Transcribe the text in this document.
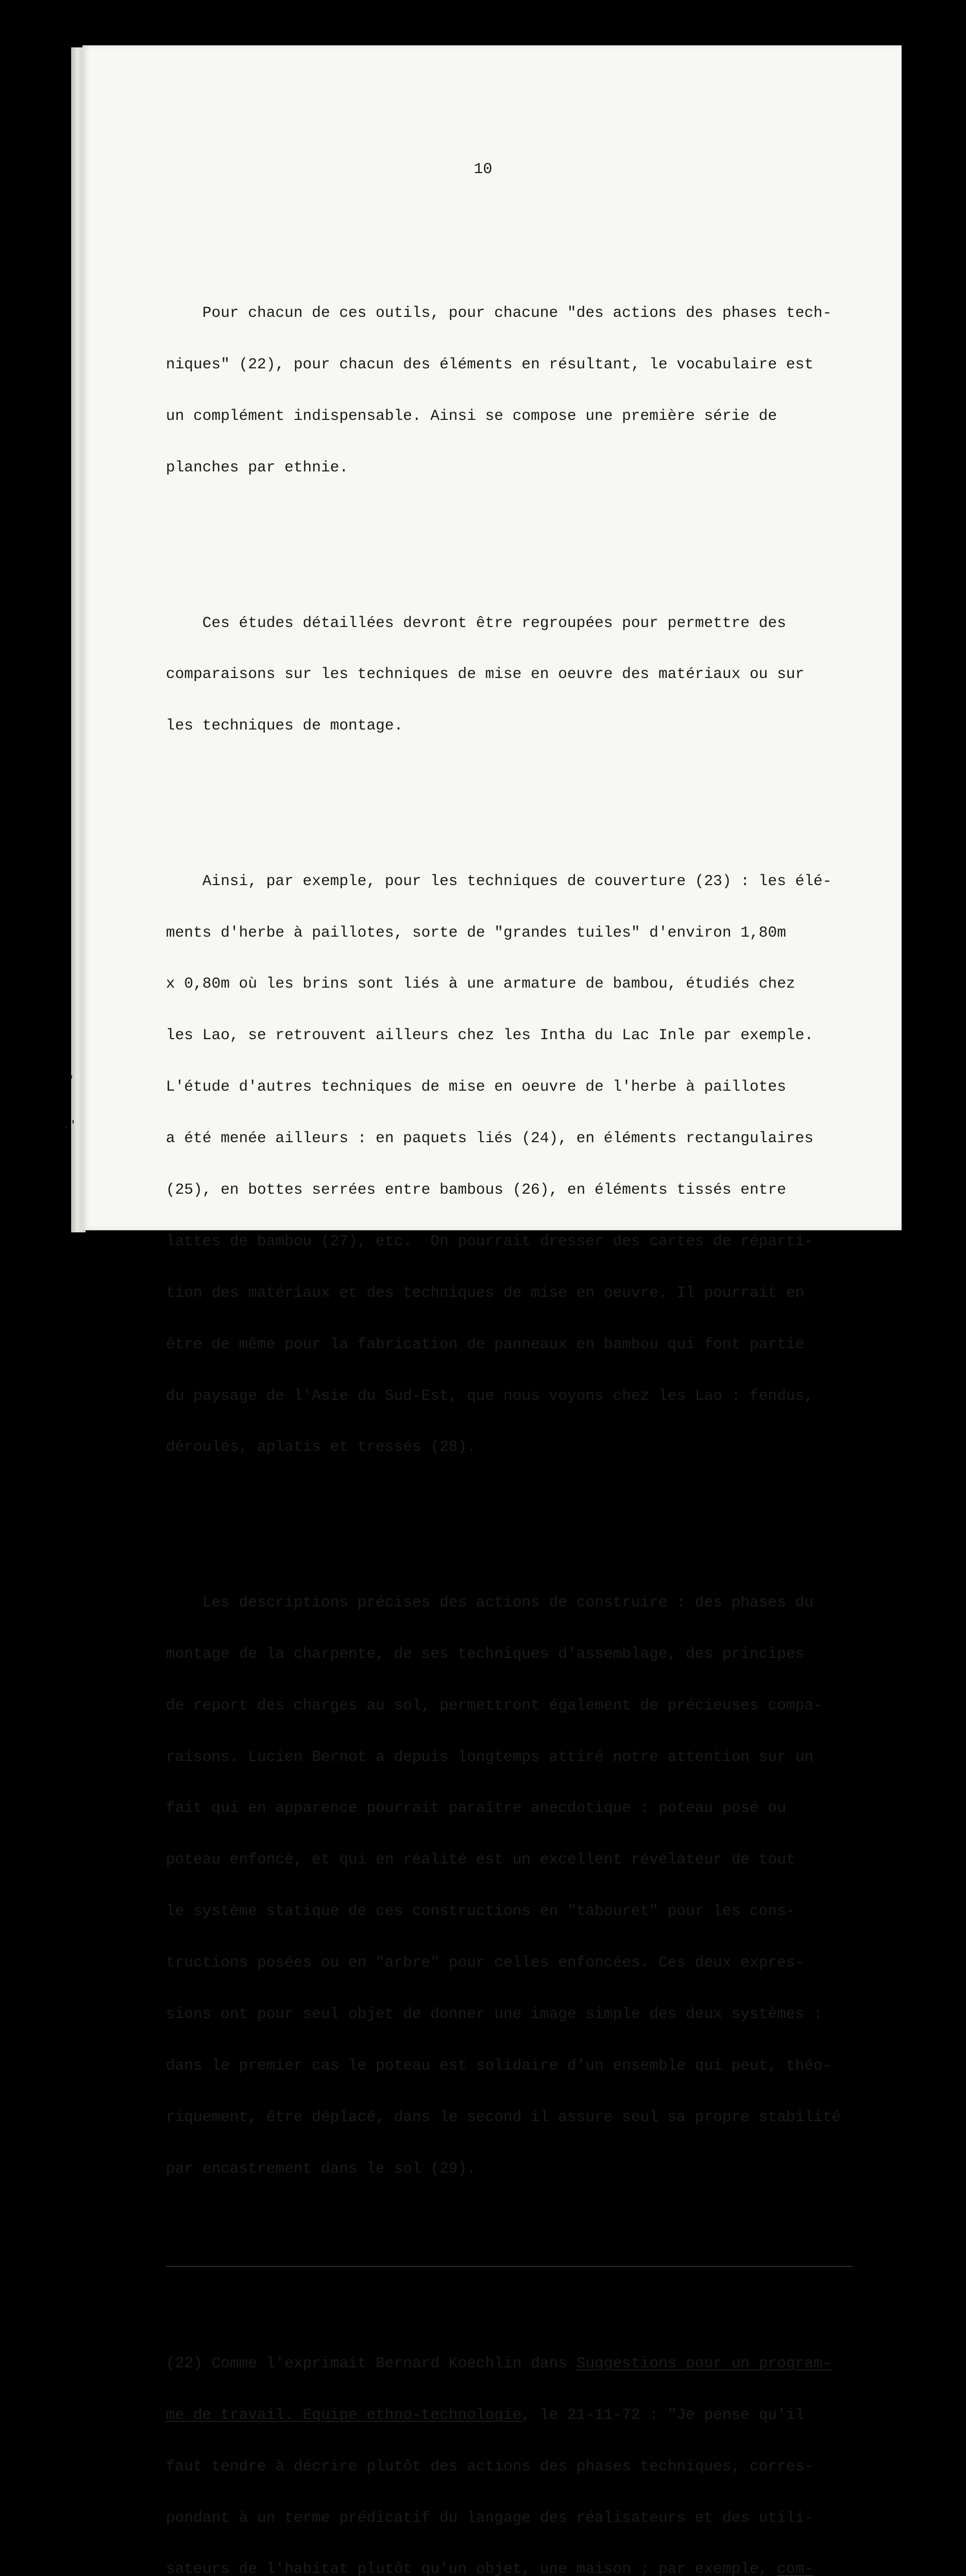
10

Pour chacun de ces outils, pour chacune "des actions des phases tech-

niques" (22), pour chacun des éléments en résultant, le vocabulaire est

un complément indispensable. Ainsi se compose une première série de

planches par ethnie.

Ces études détaillées devront être regroupées pour permettre des

comparaisons sur les techniques de mise en oeuvre des matériaux ou sur

les techniques de montage.

Ainsi, par exemple, pour les techniques de couverture (23) : les élé-

ments d'herbe à paillotes, sorte de "grandes tuiles" d'environ 1,80m

x 0,80m où les brins sont liés à une armature de bambou, étudiés chez

les Lao, se retrouvent ailleurs chez les Intha du Lac Inle par exemple.

L'étude d'autres techniques de mise en oeuvre de l'herbe à paillotes

a été menée ailleurs : en paquets liés (24), en éléments rectangulaires

(25), en bottes serrées entre bambous (26), en éléments tissés entre

lattes de bambou (27), etc.  On pourrait dresser des cartes de réparti-

tion des matériaux et des techniques de mise en oeuvre. Il pourrait en

être de même pour la fabrication de panneaux en bambou qui font partie

du paysage de l'Asie du Sud-Est, que nous voyons chez les Lao : fendus,

déroulés, aplatis et tressés (28).

Les descriptions précises des actions de construire : des phases du

montage de la charpente, de ses techniques d'assemblage, des principes

de report des charges au sol, permettront également de précieuses compa-

raisons. Lucien Bernot a depuis longtemps attiré notre attention sur un

fait qui en apparence pourrait paraître anecdotique : poteau posé ou

poteau enfoncé, et qui en réalité est un excellent révélateur de tout

le système statique de ces constructions en "tabouret" pour les cons-

tructions posées ou en "arbre" pour celles enfoncées. Ces deux expres-

sions ont pour seul objet de donner une image simple des deux systèmes :

dans le premier cas le poteau est solidaire d'un ensemble qui peut, théo-

riquement, être déplacé, dans le second il assure seul sa propre stabilité

par encastrement dans le sol (29).

(22) Comme l'exprimait Bernard Koechlin dans Suggestions pour un program-

me de travail. Equipe ethno-technologie, le 21-11-72 : "Je pense qu'il

faut tendre à décrire plutôt des actions des phases techniques, corres-

pondant à un terme prédicatif du langage des réalisateurs et des utili-

sateurs de l'habitat plutôt qu'un objet, une maison ; par exemple, com-

'
.'
